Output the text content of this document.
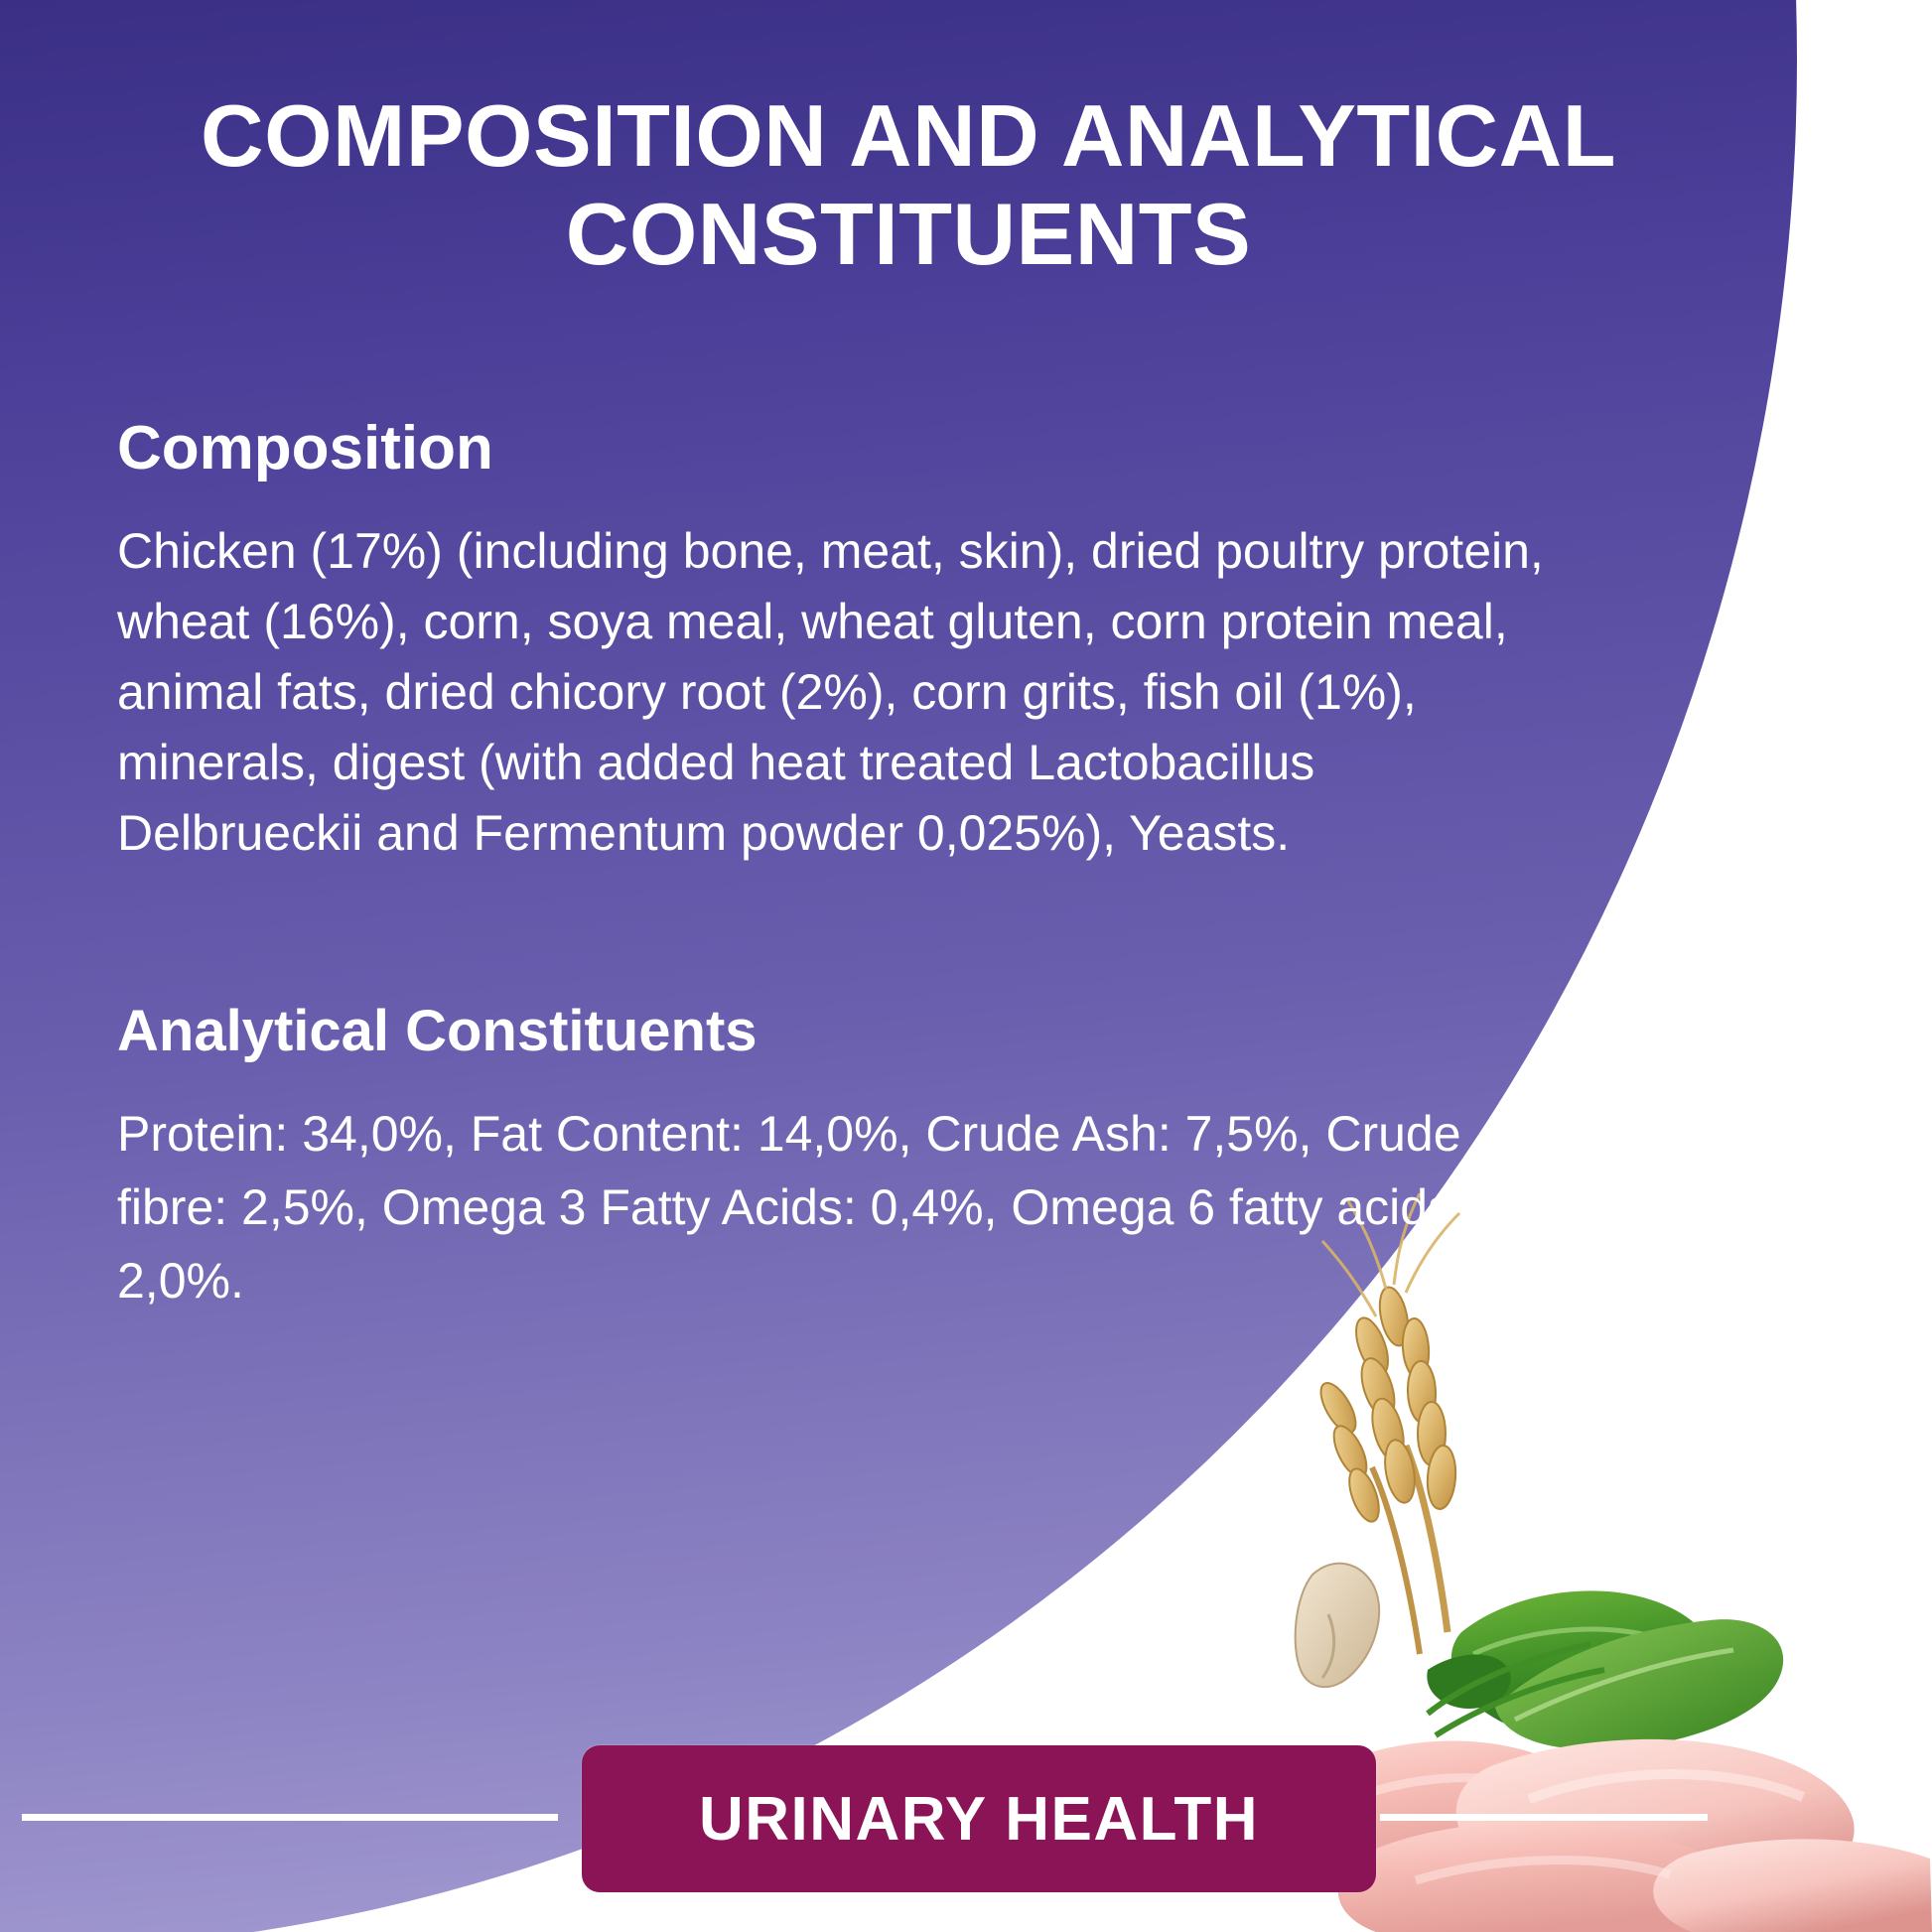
COMPOSITION AND ANALYTICAL CONSTITUENTS
Composition

Chicken (17%) (including bone, meat, skin), dried poultry protein, wheat (16%), corn, soya meal, wheat gluten, corn protein meal, animal fats, dried chicory root (2%), corn grits, fish oil (1%), minerals, digest (with added heat treated Lactobacillus Delbrueckii and Fermentum powder 0,025%), Yeasts.

Analytical Constituents

Protein: 34,0%, Fat Content: 14,0%, Crude Ash: 7,5%, Crude fibre: 2,5%, Omega 3 Fatty Acids: 0,4%, Omega 6 fatty acids: 2,0%.

URINARY HEALTH
